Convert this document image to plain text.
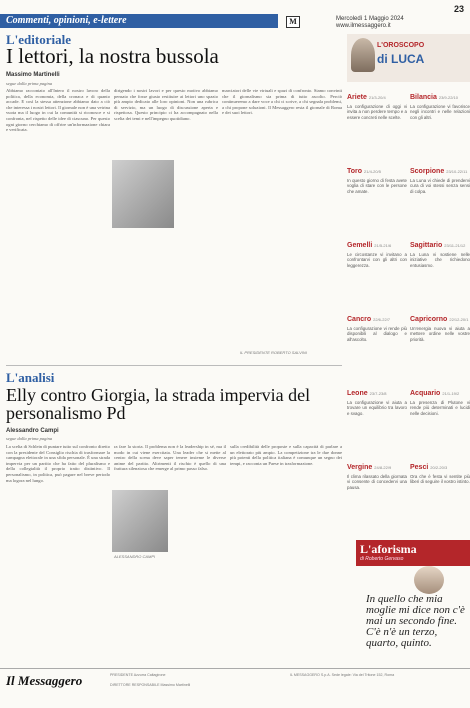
23
Commenti, opinioni, e-lettere	M	Mercoledì 1 Maggio 2024
www.ilmessaggero.it
L'editoriale
I lettori, la nostra bussola
Massimo Martinelli
segue dalla prima pagina

Abbiamo raccontato all'Intero il nostro lavoro della politica, della economia, della cronaca e di quanto accade. E così la stessa attenzione abbiamo dato a ciò che interessa i nostri lettori. Il giornale non è una vetrina vuota ma il luogo in cui la comunità si riconosce e si confronta, nel rispetto delle idee di ciascuno. Per questo ogni giorno cerchiamo di offrire un'informazione chiara e verificata.

dirigendo i nostri lavori e per questo motivo abbiamo pensato che fosse giusto restituire ai lettori uno spazio più ampio dedicato alle loro opinioni. Non una rubrica di servizio, ma un luogo di discussione aperta e rispettosa. Questo principio ci ha accompagnato nella scelta dei temi e nell'impegno quotidiano.

marciatori delle vie virtuali e spazi di confronto. Siamo convinti che il giornalismo sia prima di tutto ascolto. Perciò continueremo a dare voce a chi ci scrive, a chi segnala problemi, a chi propone soluzioni. Il Messaggero resta il giornale di Roma e dei suoi lettori.

IL PRESIDENTE ROBERTO SALVINI
L'analisi
Elly contro Giorgia, la strada impervia del personalismo Pd
Alessandro Campi
segue dalla prima pagina

La scelta di Schlein di puntare tutto sul confronto diretto con la presidente del Consiglio rischia di trasformare la campagna elettorale in una sfida personale. È una strada impervia per un partito che ha fatto del pluralismo e della collegialità il proprio tratto distintivo. Il personalismo, in politica, può pagare nel breve periodo ma logora nel lungo.

ra fare la storia. Il problema non è la leadership in sé, ma il modo in cui viene esercitata. Una leader che si mette al centro della scena deve saper tenere insieme le diverse anime del partito. Altrimenti il rischio è quello di una frattura silenziosa che emerge al primo passo falso.

ALESSANDRO CAMPI

sulla credibilità delle proposte e sulla capacità di parlare a un elettorato più ampio. La competizione tra le due donne più potenti della politica italiana è comunque un segno dei tempi, e racconta un Paese in trasformazione.

L'OROSCOPO
di LUCA
Ariete 21/3-20/4
La configurazione di oggi vi invita a non perdere tempo e a essere concreti nelle scelte.
Bilancia 23/9-22/10
La configurazione vi favorisce negli incontri e nelle relazioni con gli altri.
Toro 21/4-20/5
In questo giorno di festa avete voglia di stare con le persone che amate.
Scorpione 23/10-22/11
La Luna vi chiede di prendervi cura di voi stessi senza sensi di colpa.
Gemelli 21/5-21/6
Le circostanze vi invitano a confrontarvi con gli altri con leggerezza.
Sagittario 23/11-21/12
La Luna vi sostiene nelle iniziative che richiedono entusiasmo.
Cancro 22/6-22/7
La configurazione vi rende più disponibili al dialogo e all'ascolto.
Capricorno 22/12-20/1
Un'energia nuova vi aiuta a mettere ordine nelle vostre priorità.
Leone 23/7-23/8
La configurazione vi aiuta a trovare un equilibrio tra lavoro e svago.
Acquario 21/1-19/2
La presenza di Plutone vi rende più determinati e lucidi nelle decisioni.
Vergine 24/8-22/9
Il clima rilassato della giornata vi consente di concedervi una pausa.
Pesci 20/2-20/3
Ora che è festa vi sentite più liberi di seguire il vostro istinto.
L'aforisma
di Roberto Gervaso
In quello che mia moglie mi dice non c'è mai un secondo fine. C'è n'è un terzo, quarto, quinto.
Il Messaggero	PRESIDENTE Azzurra Caltagirone
DIRETTORE RESPONSABILE Massimo Martinelli
IL MESSAGGERO S.p.A. Sede legale: Via del Tritone 152, Roma
